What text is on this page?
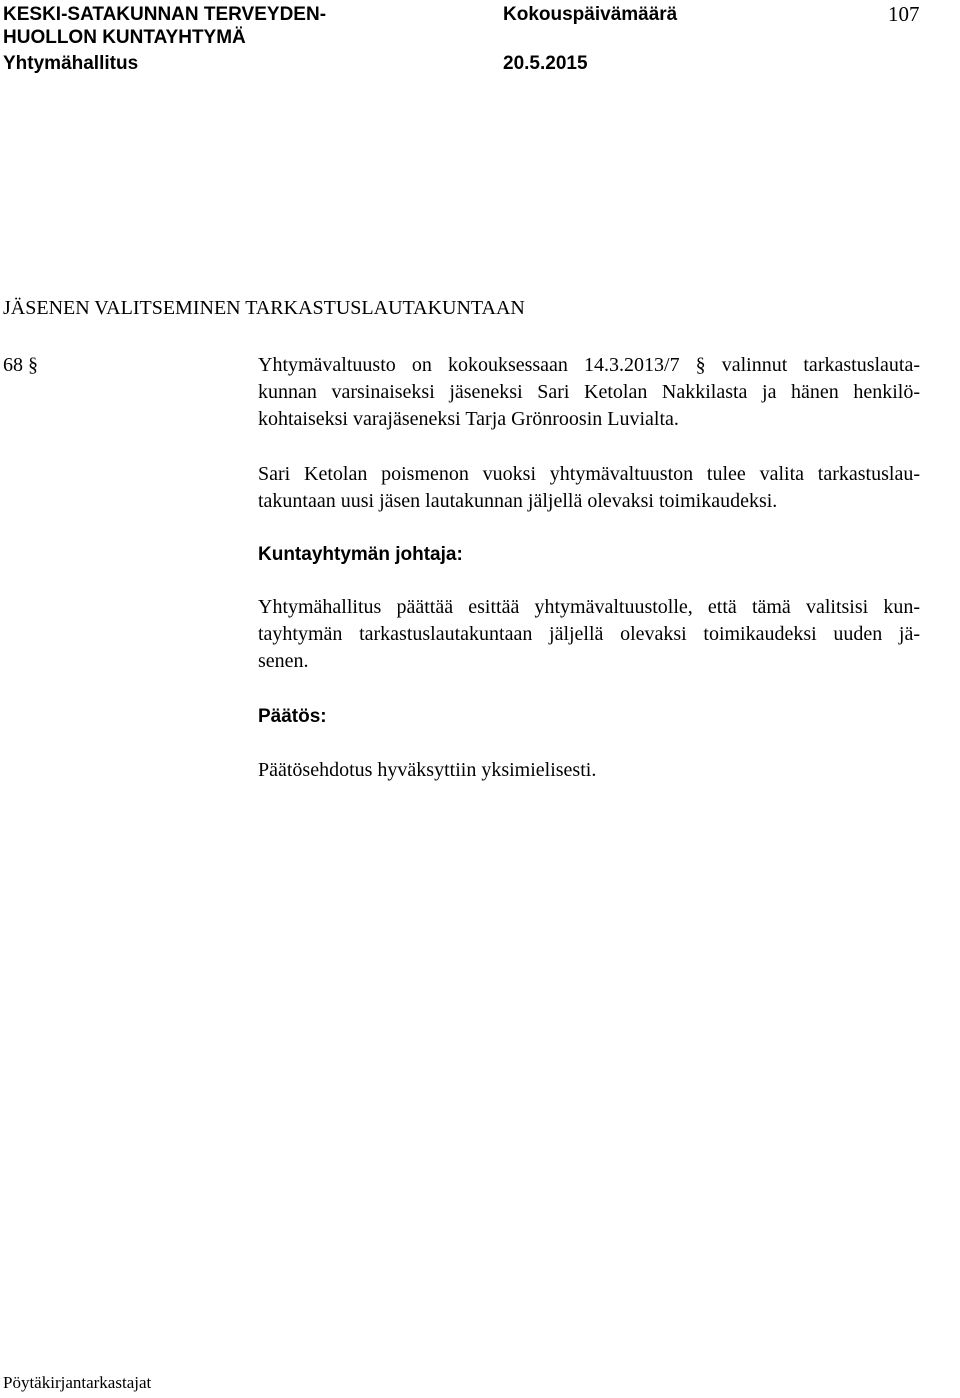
KESKI-SATAKUNNAN TERVEYDEN-
HUOLLON KUNTAYHTYMÄ
Yhtymähallitus
Kokouspäivämäärä	107
20.5.2015
JÄSENEN VALITSEMINEN TARKASTUSLAUTAKUNTAAN
68 §	Yhtymävaltuusto on kokouksessaan 14.3.2013/7 § valinnut tarkastuslauta-
kunnan varsinaiseksi jäseneksi Sari Ketolan Nakkilasta ja hänen henkilö-
kohtaiseksi varajäseneksi Tarja Grönroosin Luvialta.
Sari Ketolan poismenon vuoksi yhtymävaltuuston tulee valita tarkastuslau-
takuntaan uusi jäsen lautakunnan jäljellä olevaksi toimikaudeksi.
Kuntayhtymän johtaja:
Yhtymähallitus päättää esittää yhtymävaltuustolle, että tämä valitsisi kun-
tayhtymän tarkastuslautakuntaan jäljellä olevaksi toimikaudeksi uuden jä-
senen.
Päätös:
Päätösehdotus hyväksyttiin yksimielisesti.
Pöytäkirjantarkastajat
